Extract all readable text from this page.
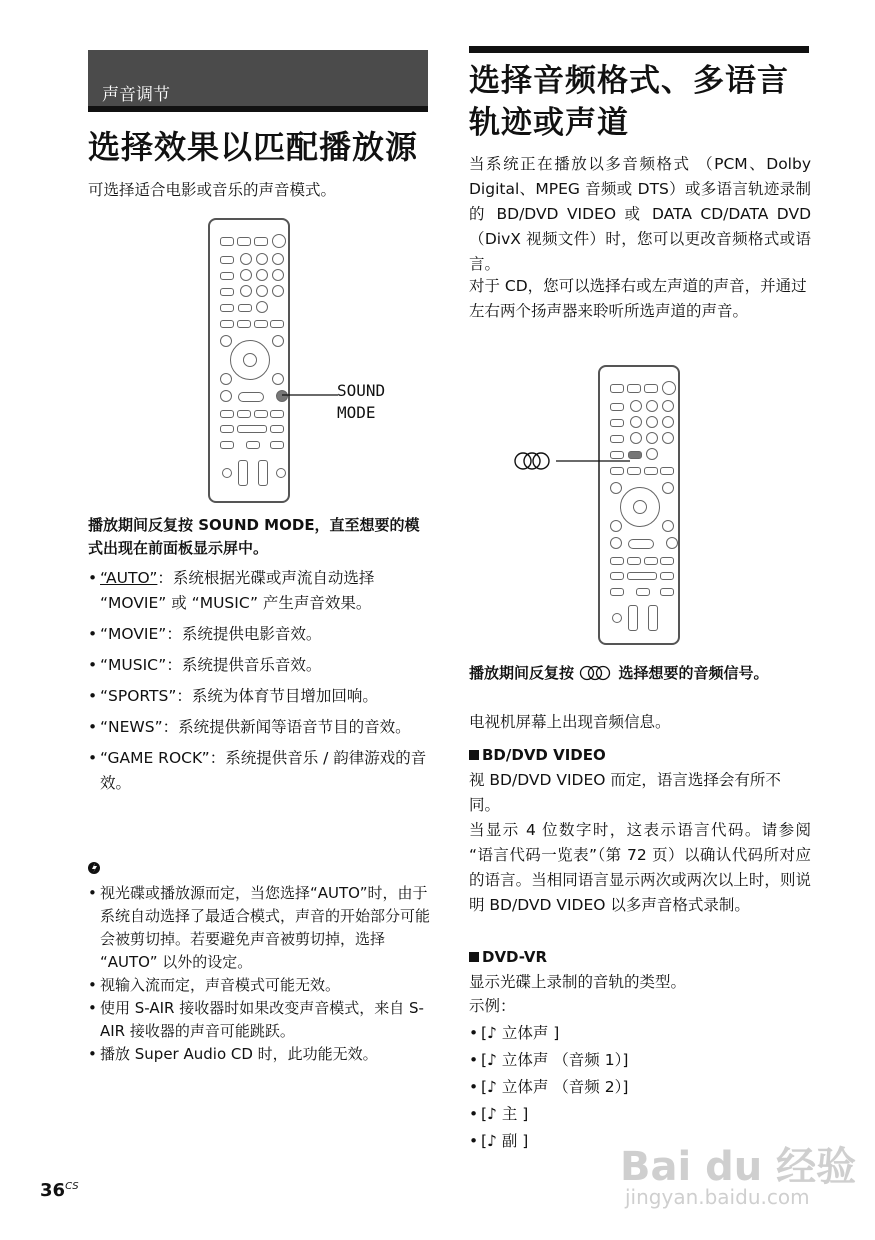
声音调节
选择效果以匹配播放源
可选择适合电影或音乐的声音模式。
SOUND
MODE
播放期间反复按 SOUND MODE，直至想要的模式出现在前面板显示屏中。
• “AUTO”：系统根据光碟或声流自动选择 “MOVIE” 或 “MUSIC” 产生声音效果。
• “MOVIE”：系统提供电影音效。
• “MUSIC”：系统提供音乐音效。
• “SPORTS”：系统为体育节目增加回响。
• “NEWS”：系统提供新闻等语音节目的音效。
• “GAME ROCK”：系统提供音乐 / 韵律游戏的音效。
• 视光碟或播放源而定，当您选择“AUTO”时，由于系统自动选择了最适合模式，声音的开始部分可能会被剪切掉。若要避免声音被剪切掉，选择 “AUTO” 以外的设定。
• 视输入流而定，声音模式可能无效。
• 使用 S-AIR 接收器时如果改变声音模式，来自 S-AIR 接收器的声音可能跳跃。
• 播放 Super Audio CD 时，此功能无效。
选择音频格式、多语言
轨迹或声道
当系统正在播放以多音频格式 （PCM、Dolby Digital、MPEG 音频或 DTS）或多语言轨迹录制的 BD/DVD VIDEO 或 DATA CD/DATA DVD （DivX 视频文件）时，您可以更改音频格式或语言。
对于 CD，您可以选择右或左声道的声音，并通过左右两个扬声器来聆听所选声道的声音。
播放期间反复按	选择想要的音频信号。
电视机屏幕上出现音频信息。
BD/DVD VIDEO
视 BD/DVD VIDEO 而定，语言选择会有所不同。
当显示 4 位数字时，这表示语言代码。请参阅 “语言代码一览表”（第 72 页）以确认代码所对应的语言。当相同语言显示两次或两次以上时，则说明 BD/DVD VIDEO 以多声音格式录制。
DVD-VR
显示光碟上录制的音轨的类型。
示例：
• [♪ 立体声 ]
• [♪ 立体声 （音频 1）]
• [♪ 立体声 （音频 2）]
• [♪ 主 ]
• [♪ 副 ]
$36^{CS}$	Bai du 经验
jingyan.baidu.com
